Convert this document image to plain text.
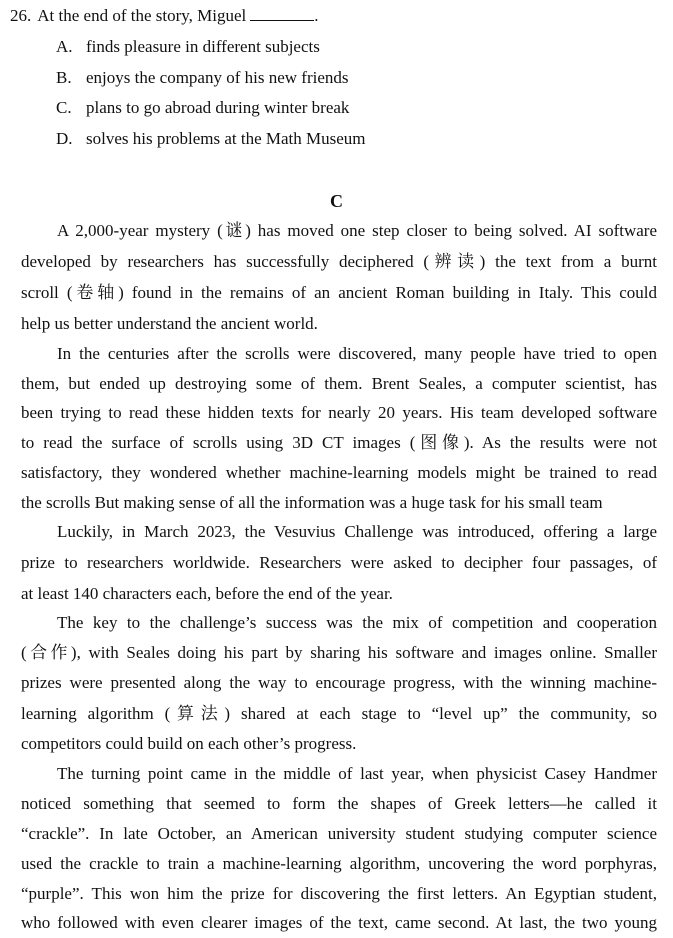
26. At the end of the story, Miguel	.
A. finds pleasure in different subjects
B. enjoys the company of his new friends
C. plans to go abroad during winter break
D. solves his problems at the Math Museum
C
A 2,000-year mystery (谜) has moved one step closer to being solved. AI software
developed by researchers has successfully deciphered (辨读) the text from a burnt
scroll (卷轴) found in the remains of an ancient Roman building in Italy. This could
help us better understand the ancient world.
In the centuries after the scrolls were discovered, many people have tried to open
them, but ended up destroying some of them. Brent Seales, a computer scientist, has
been trying to read these hidden texts for nearly 20 years. His team developed software
to read the surface of scrolls using 3D CT images (图像). As the results were not
satisfactory, they wondered whether machine-learning models might be trained to read
the scrolls But making sense of all the information was a huge task for his small team
Luckily, in March 2023, the Vesuvius Challenge was introduced, offering a large
prize to researchers worldwide. Researchers were asked to decipher four passages, of
at least 140 characters each, before the end of the year.
The key to the challenge’s success was the mix of competition and cooperation
(合作), with Seales doing his part by sharing his software and images online. Smaller
prizes were presented along the way to encourage progress, with the winning machine-
learning algorithm (算法) shared at each stage to “level up” the community, so
competitors could build on each other’s progress.
The turning point came in the middle of last year, when physicist Casey Handmer
noticed something that seemed to form the shapes of Greek letters—he called it
“crackle”. In late October, an American university student studying computer science
used the crackle to train a machine-learning algorithm, uncovering the word porphyras,
“purple”. This won him the prize for discovering the first letters. An Egyptian student,
who followed with even clearer images of the text, came second. At last, the two young
